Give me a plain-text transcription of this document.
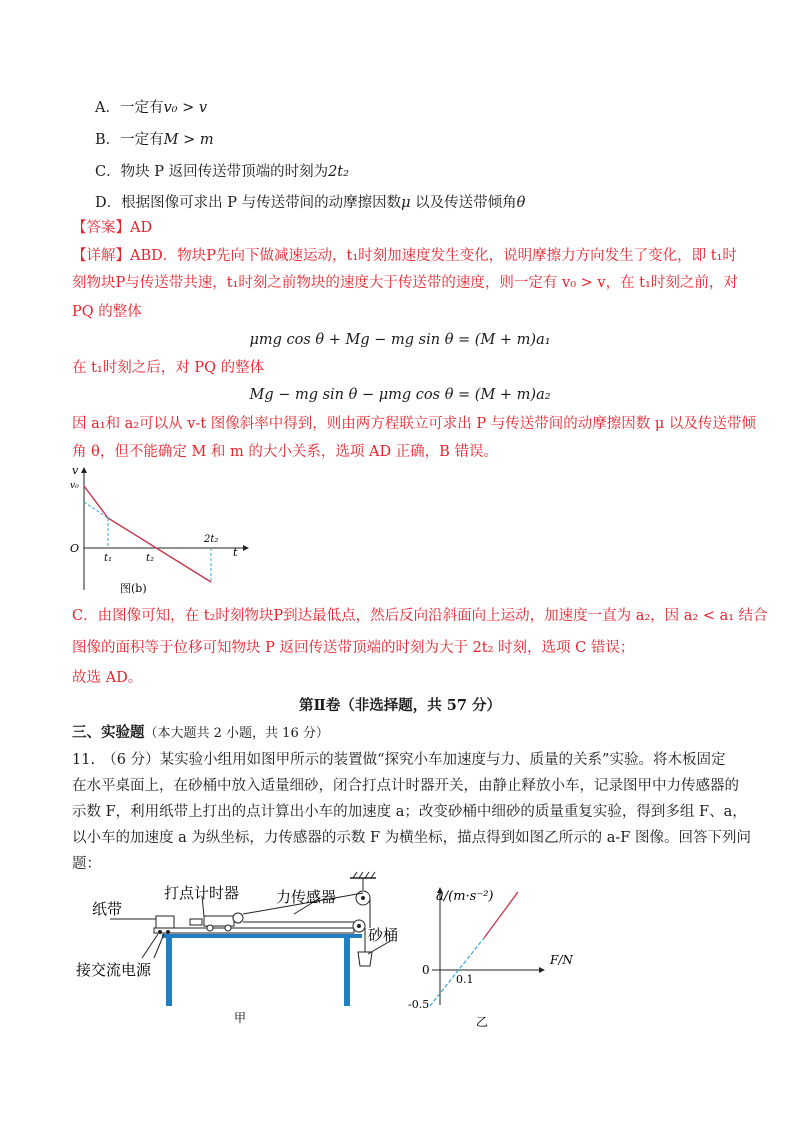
A．一定有v₀ > v
B．一定有M > m
C．物块 P 返回传送带顶端的时刻为2t₂
D．根据图像可求出 P 与传送带间的动摩擦因数μ 以及传送带倾角θ
【答案】AD
【详解】ABD．物块P先向下做减速运动，t₁时刻加速度发生变化，说明摩擦力方向发生了变化，即 t₁时
刻物块P与传送带共速，t₁时刻之前物块的速度大于传送带的速度，则一定有 v₀ > v，在 t₁时刻之前，对
PQ 的整体
μmg cos θ + Mg − mg sin θ = (M + m)a₁
在 t₁时刻之后，对 PQ 的整体
Mg − mg sin θ − μmg cos θ = (M + m)a₂
因 a₁和 a₂可以从 v-t 图像斜率中得到，则由两方程联立可求出 P 与传送带间的动摩擦因数 μ 以及传送带倾
角 θ，但不能确定 M 和 m 的大小关系，选项 AD 正确，B 错误。
v
v₀
O
t₁	t₂
2t₂
t
图(b)
C．由图像可知，在 t₂时刻物块P到达最低点，然后反向沿斜面向上运动，加速度一直为 a₂，因 a₂ < a₁ 结合
图像的面积等于位移可知物块 P 返回传送带顶端的时刻为大于 2t₂ 时刻，选项 C 错误；
故选 AD。
第Ⅱ卷（非选择题，共 57 分）
三、实验题（本大题共 2 小题，共 16 分）
11.　（6 分）某实验小组用如图甲所示的装置做“探究小车加速度与力、质量的关系”实验。将木板固定
在水平桌面上，在砂桶中放入适量细砂，闭合打点计时器开关，由静止释放小车，记录图甲中力传感器的
示数 F，利用纸带上打出的点计算出小车的加速度 a；改变砂桶中细砂的质量重复实验，得到多组 F、a，
以小车的加速度 a 为纵坐标，力传感器的示数 F 为横坐标，描点得到如图乙所示的 a-F 图像。回答下列问
题：
打点计时器 力传感器
纸带
砂桶
接交流电源
甲
a/(m·s⁻²)
F/N
0
0.1
-0.5
乙
